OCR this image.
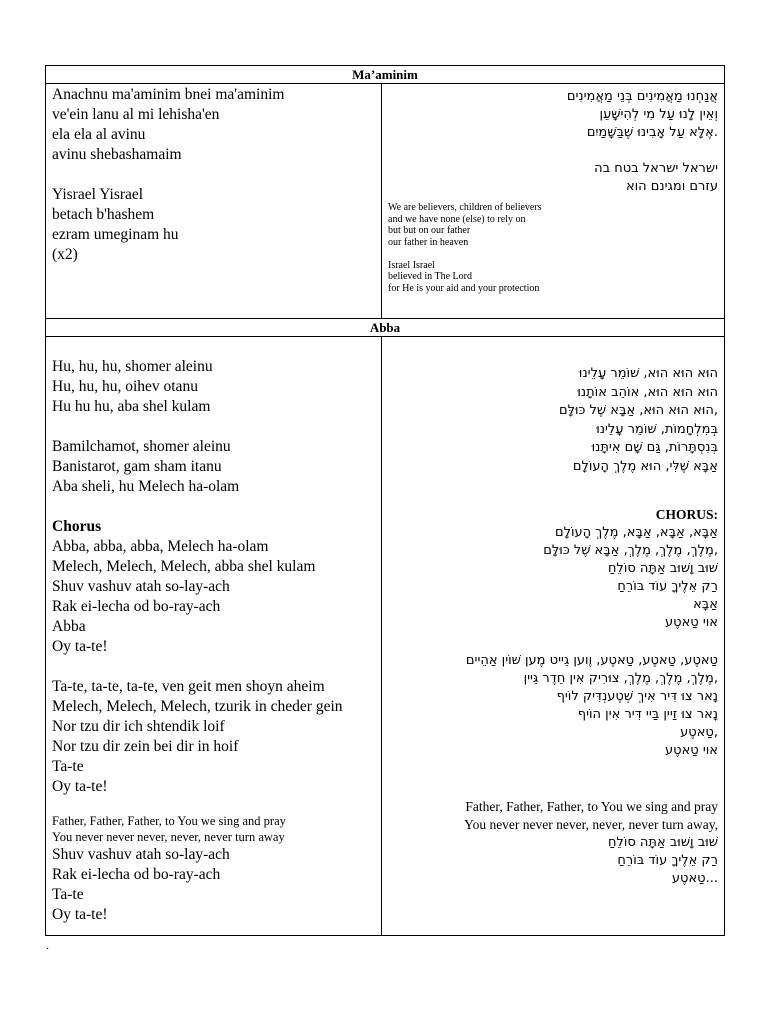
Ma’aminim
Anachnu ma'aminim bnei ma'aminim
ve'ein lanu al mi lehisha'en
ela ela al avinu
avinu shebashamaim

Yisrael Yisrael
betach b'hashem
ezram umeginam hu
(x2)
אֲנַחְנוּ מַאֲמִינִים בְּנֵי מַאֲמִינִים
וְאֵין לָנוּ עַל מִי לְהִישָּׁעֵן
.אֶלָּא עַל אָבִינוּ שֶׁבַּשָּׁמַיִם

ישראל ישראל בטח בה
עזרם ומגינם הוא
We are believers, children of believers
and we have none (else) to rely on
but but on our father
our father in heaven

Israel Israel
believed in The Lord
for He is your aid and your protection
Abba
Hu, hu, hu, shomer aleinu
Hu, hu, hu, oihev otanu
Hu hu hu, aba shel kulam

Bamilchamot, shomer aleinu
Banistarot, gam sham itanu
Aba sheli, hu Melech ha-olam
Chorus
Abba, abba, abba, Melech ha-olam
Melech, Melech, Melech, abba shel kulam
Shuv vashuv atah so-lay-ach
Rak ei-lecha od bo-ray-ach
Abba
Oy ta-te!
Ta-te, ta-te, ta-te, ven geit men shoyn aheim
Melech, Melech, Melech, tzurik in cheder gein
Nor tzu dir ich shtendik loif
Nor tzu dir zein bei dir in hoif
Ta-te
Oy ta-te!
Father, Father, Father, to You we sing and pray
You never never never, never, never turn away
Shuv vashuv atah so-lay-ach
Rak ei-lecha od bo-ray-ach
Ta-te
Oy ta-te!
הוּא הוּא הוּא, שׁוֹמֵר עָלֵינוּ
הוּא הוּא הוּא, אוֹהֵב אוֹתָנוּ
,הוּא הוּא הוּא, אַבָּא שֶׁל כּוּלָּם
בְּמִלְחָמוֹת, שׁוֹמֵר עָלֵינוּ
בְּנִסְתָּרוֹת, גַּם שָׁם אִיתָּנוּ
אַבָּא שֶׁלִּי, הוּא מֶלֶךְ הָעוֹלָם
CHORUS:
אַבָּא, אַבָּא, אַבָּא, מֶלֶךְ הָעוֹלָם
,מֶלֶךְ, מֶלֶךְ, מֶלֶךְ, אַבָּא שֶׁל כּוּלָּם
שׁוּב וָשׁוּב אַתָּה סוֹלֵחַ
רַק אֵלֶיךָ עוֹד בּוֹרֵחַ
אַבָּא
אוי טַאטֶע
טַאטֶע, טַאטֶע, טַאטֶע, וֶוען גֵייט מֶען שׁוֹין אַהֵיים
,מֶלֶךְ, מֶלֶךְ, מֶלֶךְ, צוּרִיק אִין חֵדֶר גֵּיין
נָאר צוּ דִּיר אִיךְ שְׁטֶענְדִּיק לוֹיף
נָאר צוּ זַיין בַּיי דִּיר אִין הוֹיף
,טַאטֶע
אוי טַאטֶע
Father, Father, Father, to You we sing and pray
You never never never, never, never turn away,
שׁוּב וָשׁוּב אַתָּה סוֹלֵחַ
רַק אֵלֶיךָ עוֹד בּוֹרֵחַ
...טַאטֶע
.
